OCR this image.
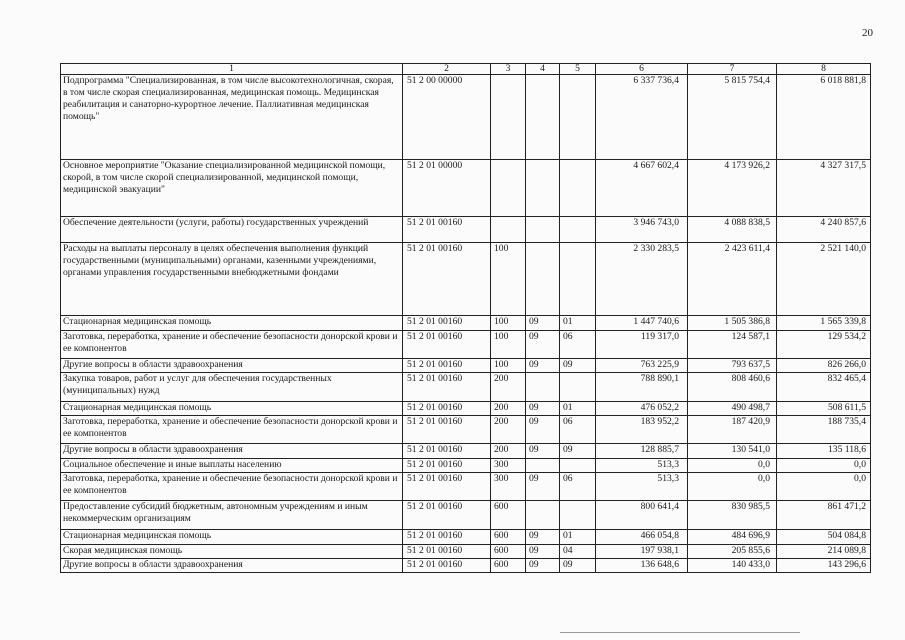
20
1	2	3	4	5	6	7	8
Подпрограмма "Специализированная, в том числе высокотехнологичная, скорая, в том числе скорая специализированная, медицинская помощь. Медицинская реабилитация и санаторно-курортное лечение. Паллиативная медицинская помощь"	51 2 00 00000				6 337 736,4	5 815 754,4	6 018 881,8
Основное мероприятие "Оказание специализированной медицинской помощи, скорой, в том числе скорой специализированной, медицинской помощи, медицинской эвакуации"	51 2 01 00000				4 667 602,4	4 173 926,2	4 327 317,5
Обеспечение деятельности (услуги, работы) государственных учреждений	51 2 01 00160				3 946 743,0	4 088 838,5	4 240 857,6
Расходы на выплаты персоналу в целях обеспечения выполнения функций государственными (муниципальными) органами, казенными учреждениями, органами управления государственными внебюджетными фондами	51 2 01 00160	100			2 330 283,5	2 423 611,4	2 521 140,0
Стационарная медицинская помощь	51 2 01 00160	100	09	01	1 447 740,6	1 505 386,8	1 565 339,8
Заготовка, переработка, хранение и обеспечение безопасности донорской крови и ее компонентов	51 2 01 00160	100	09	06	119 317,0	124 587,1	129 534,2
Другие вопросы в области здравоохранения	51 2 01 00160	100	09	09	763 225,9	793 637,5	826 266,0
Закупка товаров, работ и услуг для обеспечения государственных (муниципальных) нужд	51 2 01 00160	200			788 890,1	808 460,6	832 465,4
Стационарная медицинская помощь	51 2 01 00160	200	09	01	476 052,2	490 498,7	508 611,5
Заготовка, переработка, хранение и обеспечение безопасности донорской крови и ее компонентов	51 2 01 00160	200	09	06	183 952,2	187 420,9	188 735,4
Другие вопросы в области здравоохранения	51 2 01 00160	200	09	09	128 885,7	130 541,0	135 118,6
Социальное обеспечение и иные выплаты населению	51 2 01 00160	300			513,3	0,0	0,0
Заготовка, переработка, хранение и обеспечение безопасности донорской крови и ее компонентов	51 2 01 00160	300	09	06	513,3	0,0	0,0
Предоставление субсидий бюджетным, автономным учреждениям и иным некоммерческим организациям	51 2 01 00160	600			800 641,4	830 985,5	861 471,2
Стационарная медицинская помощь	51 2 01 00160	600	09	01	466 054,8	484 696,9	504 084,8
Скорая медицинская помощь	51 2 01 00160	600	09	04	197 938,1	205 855,6	214 089,8
Другие вопросы в области здравоохранения	51 2 01 00160	600	09	09	136 648,6	140 433,0	143 296,6
